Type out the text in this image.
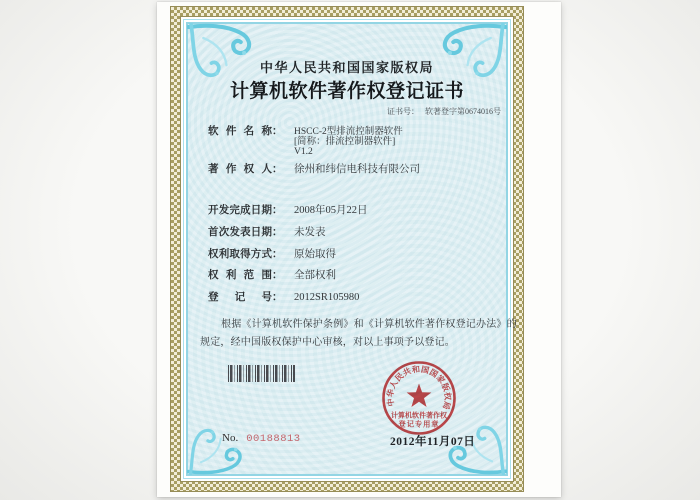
中华人民共和国国家版权局
计算机软件著作权登记证书
证书号： 软著登字第0674016号
软件名称： HSCC-2型排流控制器软件
[简称：排流控制器软件]
V1.2
著作权人： 徐州和纬信电科技有限公司
开发完成日期： 2008年05月22日
首次发表日期： 未发表
权利取得方式： 原始取得
权利范围： 全部权利
登记号： 2012SR105980
根据《计算机软件保护条例》和《计算机软件著作权登记办法》的
规定，经中国版权保护中心审核，对以上事项予以登记。
中华人民共和国国家版权局
计算机软件著作权
登记专用章
No. 00188813	2012年11月07日
